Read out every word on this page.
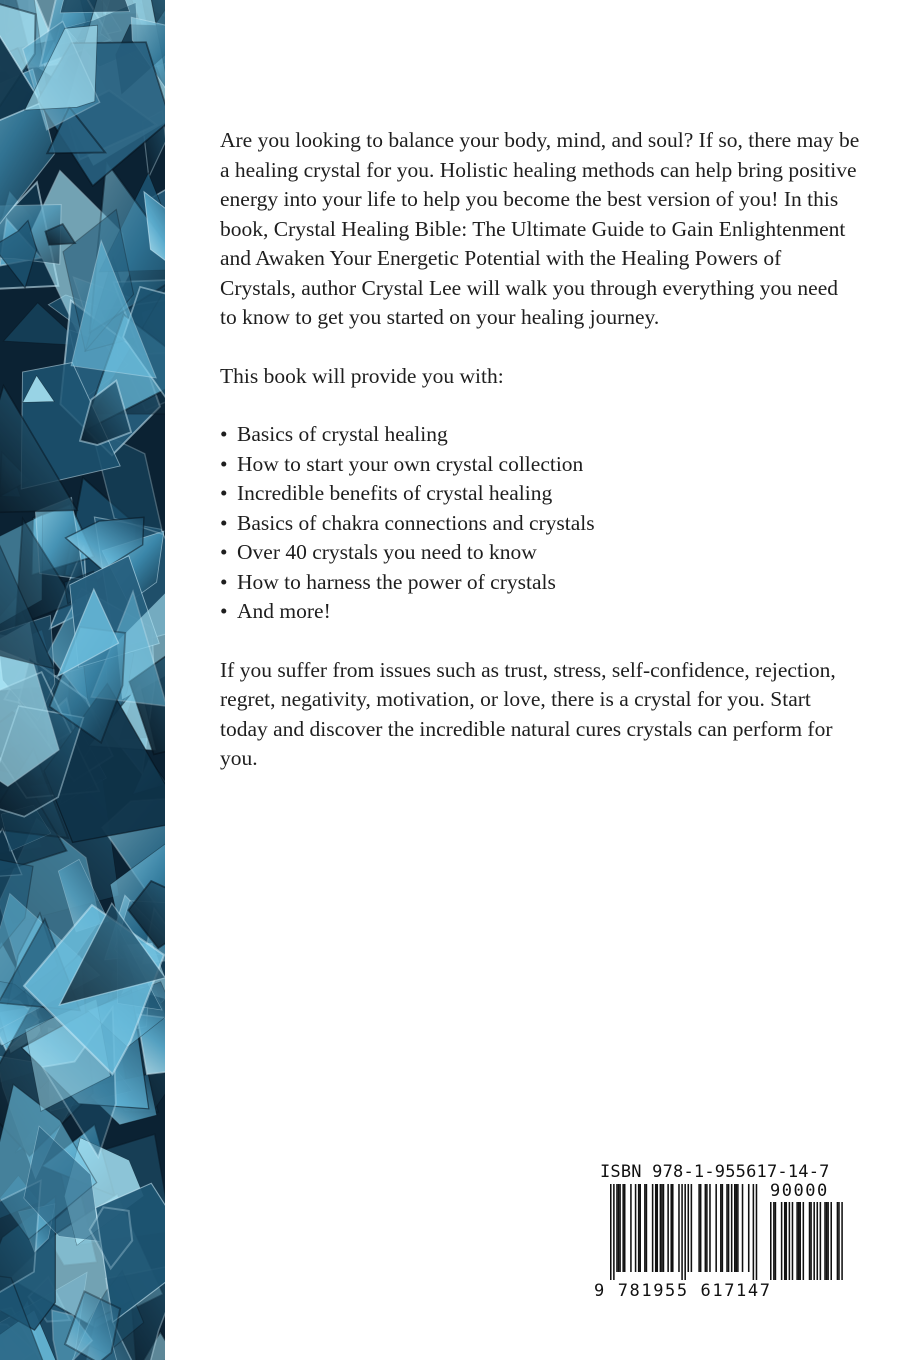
Are you looking to balance your body, mind, and soul? If so, there may be a healing crystal for you. Holistic healing methods can help bring positive energy into your life to help you become the best version of you! In this book, Crystal Healing Bible: The Ultimate Guide to Gain Enlightenment and Awaken Your Energetic Potential with the Healing Powers of Crystals, author Crystal Lee will walk you through everything you need to know to get you started on your healing journey.

This book will provide you with:

• Basics of crystal healing
• How to start your own crystal collection
• Incredible benefits of crystal healing
• Basics of chakra connections and crystals
• Over 40 crystals you need to know
• How to harness the power of crystals
• And more!

If you suffer from issues such as trust, stress, self-confidence, rejection, regret, negativity, motivation, or love, there is a crystal for you. Start today and discover the incredible natural cures crystals can perform for you.

ISBN 978-1-955617-14-7
90000
9 781955 617147
